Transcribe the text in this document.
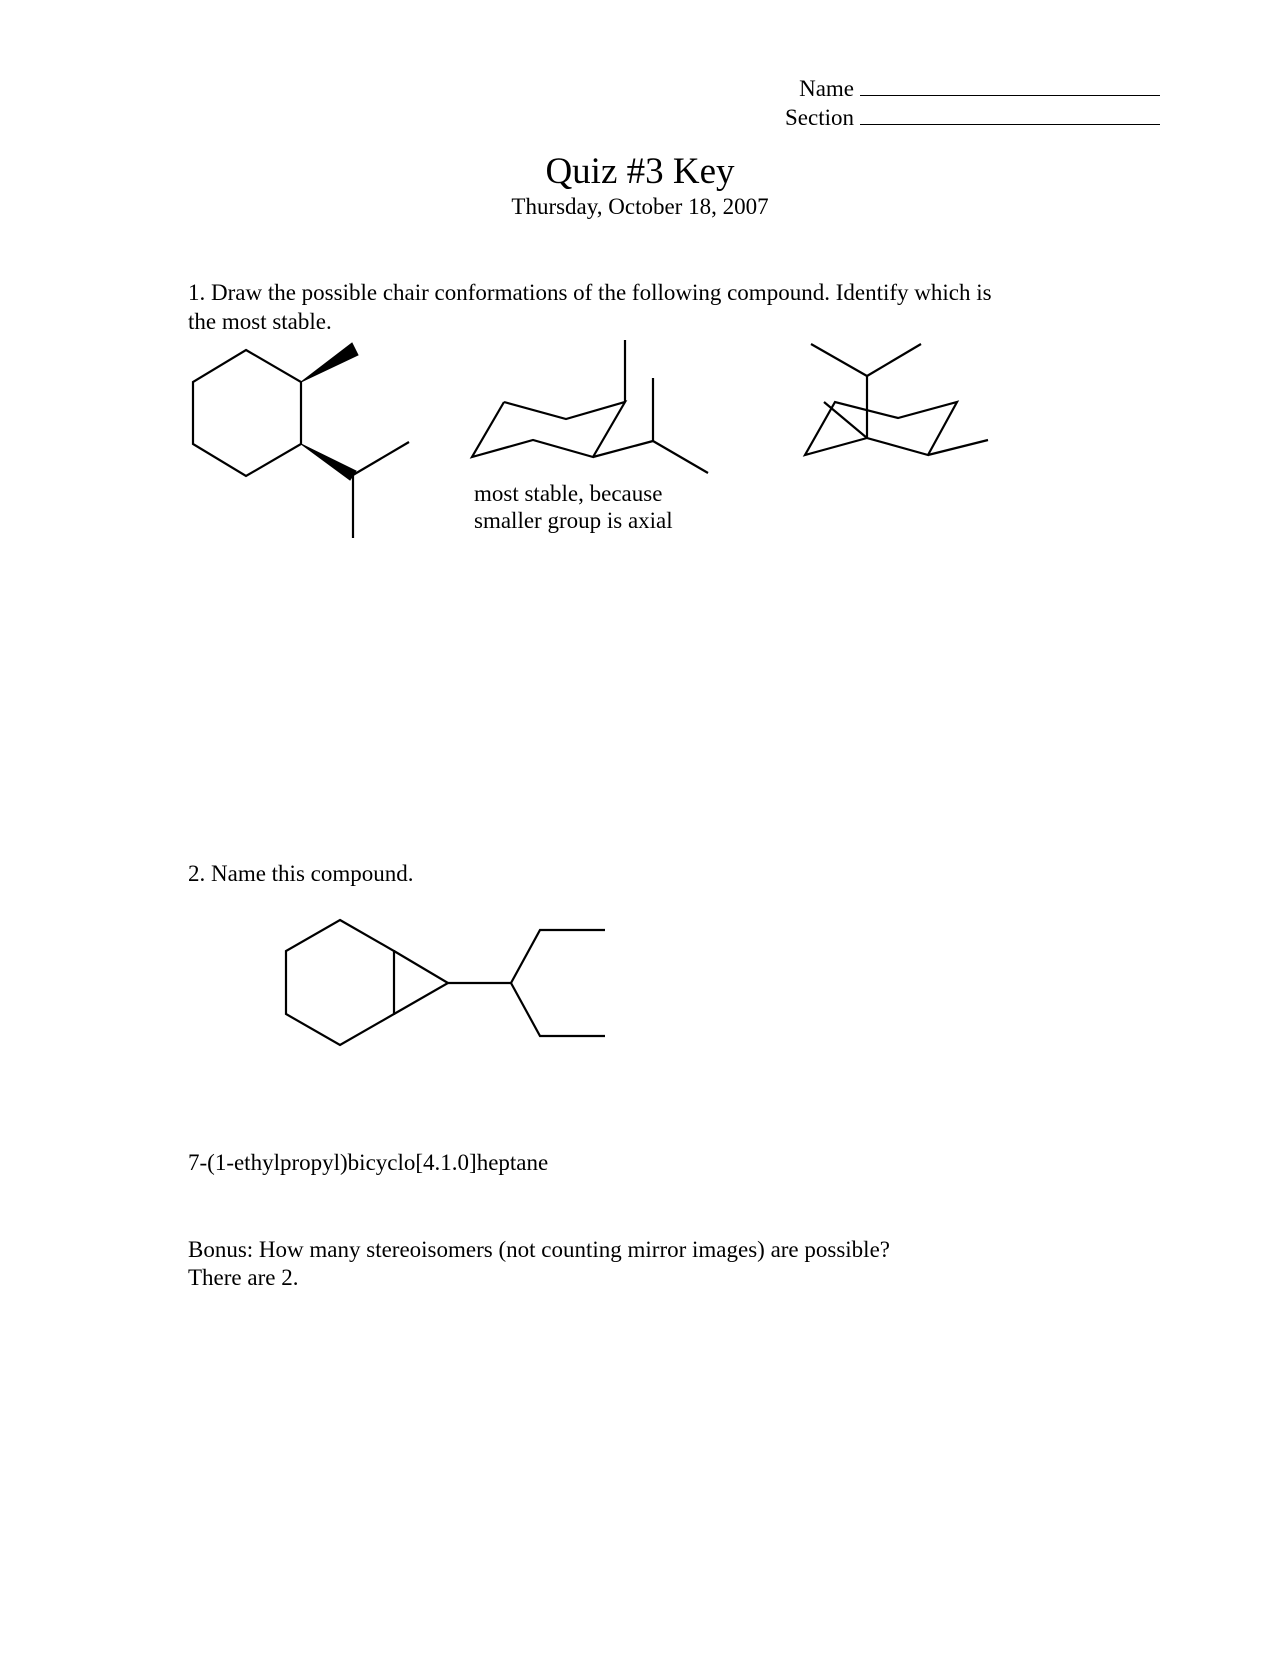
Name
Section
Quiz #3 Key
Thursday, October 18, 2007
1. Draw the possible chair conformations of the following compound. Identify which is
the most stable.
most stable, because
smaller group is axial
2. Name this compound.
7-(1-ethylpropyl)bicyclo[4.1.0]heptane
Bonus: How many stereoisomers (not counting mirror images) are possible?
There are 2.
